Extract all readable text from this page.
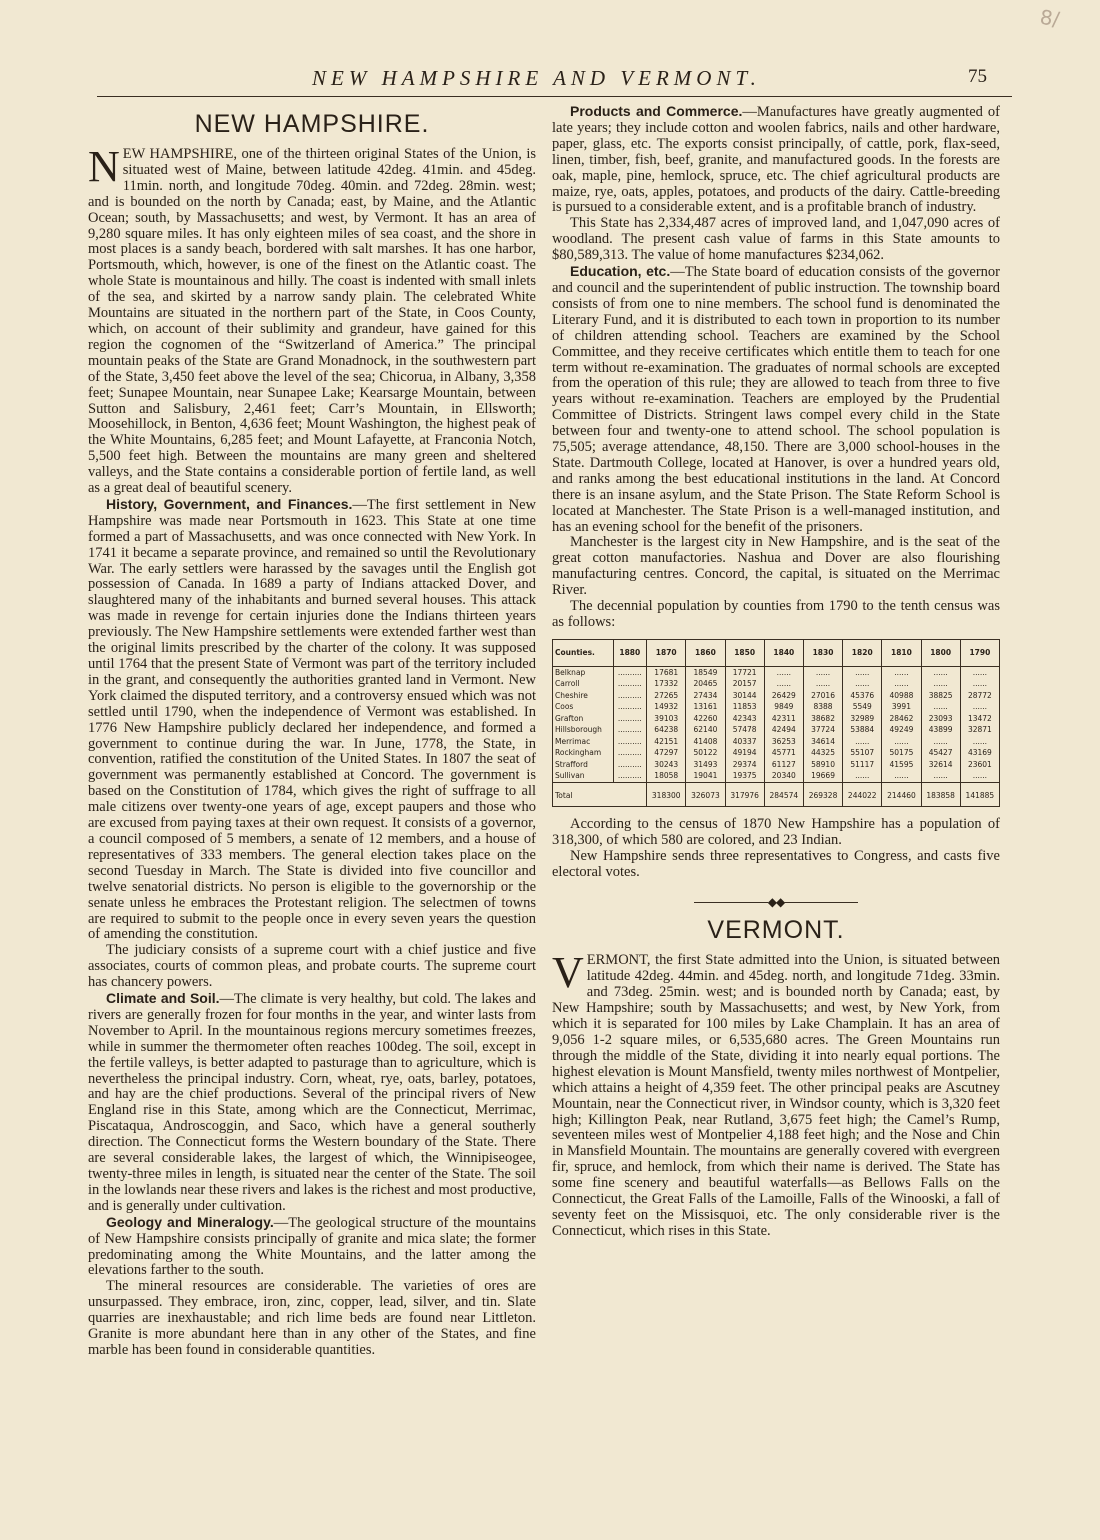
8/
NEW HAMPSHIRE AND VERMONT.	75
NEW HAMPSHIRE.

NEW HAMPSHIRE, one of the thirteen original States of the Union, is situated west of Maine, between latitude 42deg. 41min. and 45deg. 11min. north, and longitude 70deg. 40min. and 72deg. 28min. west; and is bounded on the north by Canada; east, by Maine, and the Atlantic Ocean; south, by Massachusetts; and west, by Vermont. It has an area of 9,280 square miles. It has only eighteen miles of sea coast, and the shore in most places is a sandy beach, bordered with salt marshes. It has one harbor, Portsmouth, which, however, is one of the finest on the Atlantic coast. The whole State is mountainous and hilly. The coast is indented with small inlets of the sea, and skirted by a narrow sandy plain. The celebrated White Mountains are situated in the northern part of the State, in Coos County, which, on account of their sublimity and grandeur, have gained for this region the cognomen of the “Switzerland of America.” The principal mountain peaks of the State are Grand Monadnock, in the southwestern part of the State, 3,450 feet above the level of the sea; Chicorua, in Albany, 3,358 feet; Sunapee Mountain, near Sunapee Lake; Kearsarge Mountain, between Sutton and Salisbury, 2,461 feet; Carr’s Mountain, in Ellsworth; Moosehillock, in Benton, 4,636 feet; Mount Washington, the highest peak of the White Mountains, 6,285 feet; and Mount Lafayette, at Franconia Notch, 5,500 feet high. Between the mountains are many green and sheltered valleys, and the State contains a considerable portion of fertile land, as well as a great deal of beautiful scenery.

History, Government, and Finances.—The first settlement in New Hampshire was made near Portsmouth in 1623. This State at one time formed a part of Massachusetts, and was once connected with New York. In 1741 it became a separate province, and remained so until the Revolutionary War. The early settlers were harassed by the savages until the English got possession of Canada. In 1689 a party of Indians attacked Dover, and slaughtered many of the inhabitants and burned several houses. This attack was made in revenge for certain injuries done the Indians thirteen years previously. The New Hampshire settlements were extended farther west than the original limits prescribed by the charter of the colony. It was supposed until 1764 that the present State of Vermont was part of the territory included in the grant, and consequently the authorities granted land in Vermont. New York claimed the disputed territory, and a controversy ensued which was not settled until 1790, when the independence of Vermont was established. In 1776 New Hampshire publicly declared her independence, and formed a government to continue during the war. In June, 1778, the State, in convention, ratified the constitution of the United States. In 1807 the seat of government was permanently established at Concord. The government is based on the Constitution of 1784, which gives the right of suffrage to all male citizens over twenty-one years of age, except paupers and those who are excused from paying taxes at their own request. It consists of a governor, a council composed of 5 members, a senate of 12 members, and a house of representatives of 333 members. The general election takes place on the second Tuesday in March. The State is divided into five councillor and twelve senatorial districts. No person is eligible to the governorship or the senate unless he embraces the Protestant religion. The selectmen of towns are required to submit to the people once in every seven years the question of amending the constitution.

The judiciary consists of a supreme court with a chief justice and five associates, courts of common pleas, and probate courts. The supreme court has chancery powers.

Climate and Soil.—The climate is very healthy, but cold. The lakes and rivers are generally frozen for four months in the year, and winter lasts from November to April. In the mountainous regions mercury sometimes freezes, while in summer the thermometer often reaches 100deg. The soil, except in the fertile valleys, is better adapted to pasturage than to agriculture, which is nevertheless the principal industry. Corn, wheat, rye, oats, barley, potatoes, and hay are the chief productions. Several of the principal rivers of New England rise in this State, among which are the Connecticut, Merrimac, Piscataqua, Androscoggin, and Saco, which have a general southerly direction. The Connecticut forms the Western boundary of the State. There are several considerable lakes, the largest of which, the Winnipiseogee, twenty-three miles in length, is situated near the center of the State. The soil in the lowlands near these rivers and lakes is the richest and most productive, and is generally under cultivation.

Geology and Mineralogy.—The geological structure of the mountains of New Hampshire consists principally of granite and mica slate; the former predominating among the White Mountains, and the latter among the elevations farther to the south.

The mineral resources are considerable. The varieties of ores are unsurpassed. They embrace, iron, zinc, copper, lead, silver, and tin. Slate quarries are inexhaustable; and rich lime beds are found near Littleton. Granite is more abundant here than in any other of the States, and fine marble has been found in considerable quantities.

Products and Commerce.—Manufactures have greatly augmented of late years; they include cotton and woolen fabrics, nails and other hardware, paper, glass, etc. The exports consist principally, of cattle, pork, flax-seed, linen, timber, fish, beef, granite, and manufactured goods. In the forests are oak, maple, pine, hemlock, spruce, etc. The chief agricultural products are maize, rye, oats, apples, potatoes, and products of the dairy. Cattle-breeding is pursued to a considerable extent, and is a profitable branch of industry.

This State has 2,334,487 acres of improved land, and 1,047,090 acres of woodland. The present cash value of farms in this State amounts to $80,589,313. The value of home manufactures $234,062.

Education, etc.—The State board of education consists of the governor and council and the superintendent of public instruction. The township board consists of from one to nine members. The school fund is denominated the Literary Fund, and it is distributed to each town in proportion to its number of children attending school. Teachers are examined by the School Committee, and they receive certificates which entitle them to teach for one term without re-examination. The graduates of normal schools are excepted from the operation of this rule; they are allowed to teach from three to five years without re-examination. Teachers are employed by the Prudential Committee of Districts. Stringent laws compel every child in the State between four and twenty-one to attend school. The school population is 75,505; average attendance, 48,150. There are 3,000 school-houses in the State. Dartmouth College, located at Hanover, is over a hundred years old, and ranks among the best educational institutions in the land. At Concord there is an insane asylum, and the State Prison. The State Reform School is located at Manchester. The State Prison is a well-managed institution, and has an evening school for the benefit of the prisoners.

Manchester is the largest city in New Hampshire, and is the seat of the great cotton manufactories. Nashua and Dover are also flourishing manufacturing centres. Concord, the capital, is situated on the Merrimac River.

The decennial population by counties from 1790 to the tenth census was as follows:

Counties.	1880	1870	1860	1850	1840	1830	1820	1810	1800	1790
Belknap	..........	17681	18549	17721	......	......	......	......	......	......
Carroll	..........	17332	20465	20157	......	......	......	......	......	......
Cheshire	..........	27265	27434	30144	26429	27016	45376	40988	38825	28772
Coos	..........	14932	13161	11853	9849	8388	5549	3991	......	......
Grafton	..........	39103	42260	42343	42311	38682	32989	28462	23093	13472
Hillsborough	..........	64238	62140	57478	42494	37724	53884	49249	43899	32871
Merrimac	..........	42151	41408	40337	36253	34614	......	......	......	......
Rockingham	..........	47297	50122	49194	45771	44325	55107	50175	45427	43169
Strafford	..........	30243	31493	29374	61127	58910	51117	41595	32614	23601
Sullivan	..........	18058	19041	19375	20340	19669	......	......	......	......
Total		318300	326073	317976	284574	269328	244022	214460	183858	141885

According to the census of 1870 New Hampshire has a population of 318,300, of which 580 are colored, and 23 Indian.

New Hampshire sends three representatives to Congress, and casts five electoral votes.

◆◆
VERMONT.

VERMONT, the first State admitted into the Union, is situated between latitude 42deg. 44min. and 45deg. north, and longitude 71deg. 33min. and 73deg. 25min. west; and is bounded north by Canada; east, by New Hampshire; south by Massachusetts; and west, by New York, from which it is separated for 100 miles by Lake Champlain. It has an area of 9,056 1-2 square miles, or 6,535,680 acres. The Green Mountains run through the middle of the State, dividing it into nearly equal portions. The highest elevation is Mount Mansfield, twenty miles northwest of Montpelier, which attains a height of 4,359 feet. The other principal peaks are Ascutney Mountain, near the Connecticut river, in Windsor county, which is 3,320 feet high; Killington Peak, near Rutland, 3,675 feet high; the Camel’s Rump, seventeen miles west of Montpelier 4,188 feet high; and the Nose and Chin in Mansfield Mountain. The mountains are generally covered with evergreen fir, spruce, and hemlock, from which their name is derived. The State has some fine scenery and beautiful waterfalls—as Bellows Falls on the Connecticut, the Great Falls of the Lamoille, Falls of the Winooski, a fall of seventy feet on the Missisquoi, etc. The only considerable river is the Connecticut, which rises in this State.
